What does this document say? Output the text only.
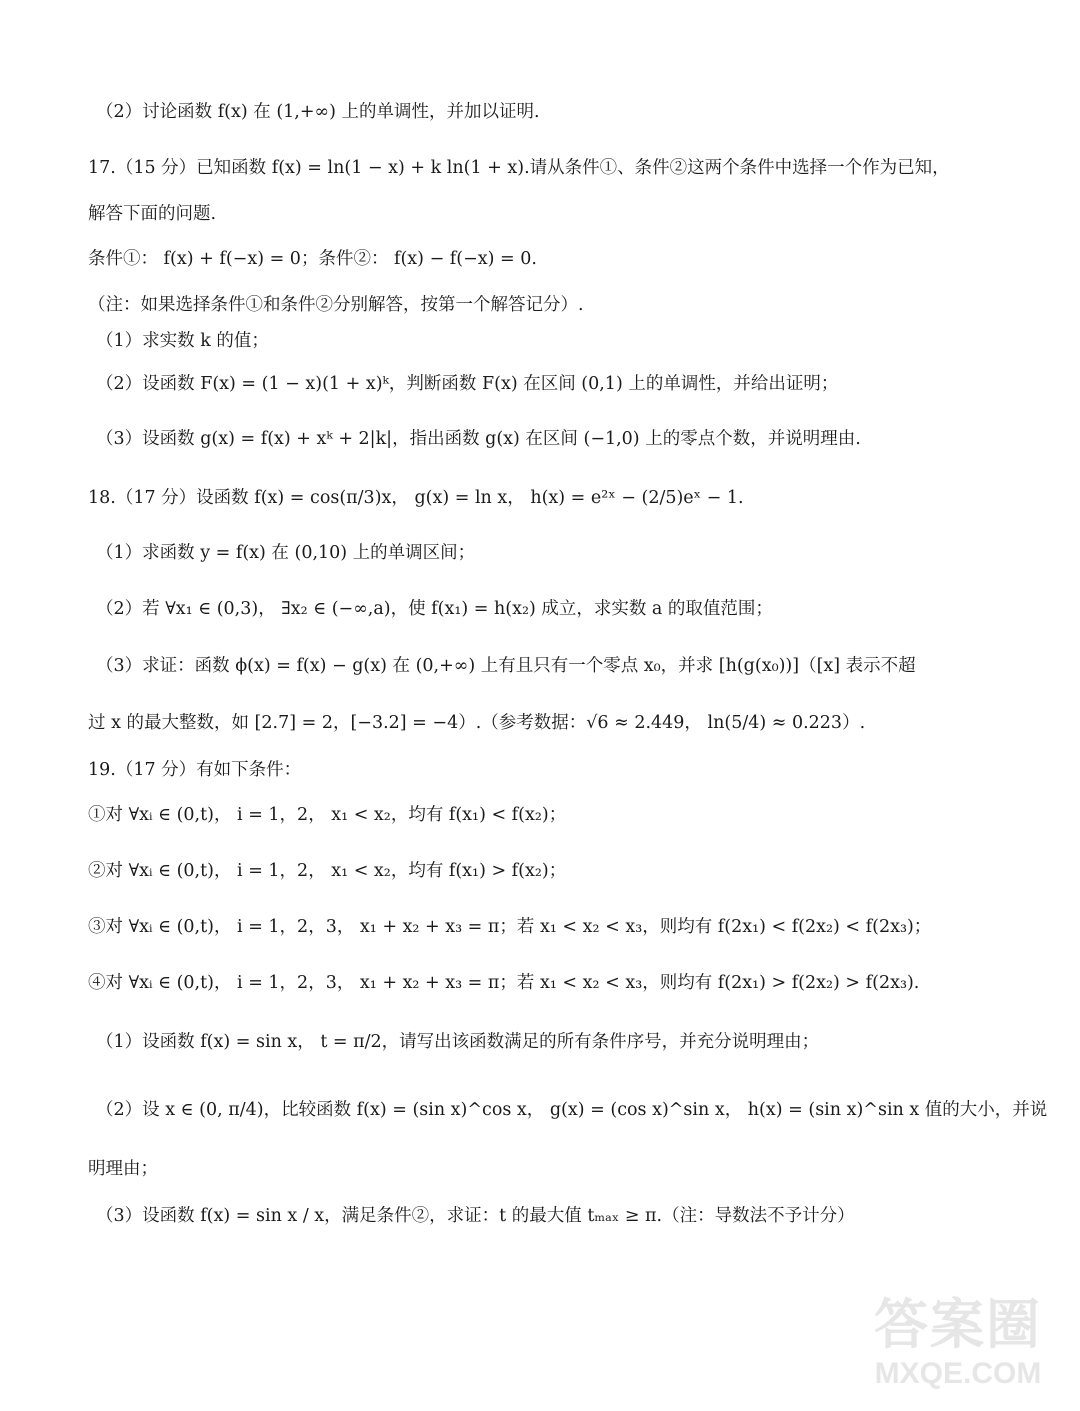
（2）讨论函数 f(x) 在 (1,+∞) 上的单调性，并加以证明.
17.（15 分）已知函数 f(x) = ln(1 − x) + k ln(1 + x).请从条件①、条件②这两个条件中选择一个作为已知，
解答下面的问题.
条件①： f(x) + f(−x) = 0；条件②： f(x) − f(−x) = 0.
（注：如果选择条件①和条件②分别解答，按第一个解答记分）.
（1）求实数 k 的值；
（2）设函数 F(x) = (1 − x)(1 + x)ᵏ，判断函数 F(x) 在区间 (0,1) 上的单调性，并给出证明；
（3）设函数 g(x) = f(x) + xᵏ + 2|k|，指出函数 g(x) 在区间 (−1,0) 上的零点个数，并说明理由.
18.（17 分）设函数 f(x) = cos(π/3)x， g(x) = ln x， h(x) = e²ˣ − (2/5)eˣ − 1.
（1）求函数 y = f(x) 在 (0,10) 上的单调区间；
（2）若 ∀x₁ ∈ (0,3)， ∃x₂ ∈ (−∞,a)，使 f(x₁) = h(x₂) 成立，求实数 a 的取值范围；
（3）求证：函数 ϕ(x) = f(x) − g(x) 在 (0,+∞) 上有且只有一个零点 x₀，并求 [h(g(x₀))]（[x] 表示不超
过 x 的最大整数，如 [2.7] = 2，[−3.2] = −4）.（参考数据：√6 ≈ 2.449， ln(5/4) ≈ 0.223）.
19.（17 分）有如下条件：
①对 ∀xᵢ ∈ (0,t)， i = 1，2， x₁ < x₂，均有 f(x₁) < f(x₂)；
②对 ∀xᵢ ∈ (0,t)， i = 1，2， x₁ < x₂，均有 f(x₁) > f(x₂)；
③对 ∀xᵢ ∈ (0,t)， i = 1，2，3， x₁ + x₂ + x₃ = π；若 x₁ < x₂ < x₃，则均有 f(2x₁) < f(2x₂) < f(2x₃)；
④对 ∀xᵢ ∈ (0,t)， i = 1，2，3， x₁ + x₂ + x₃ = π；若 x₁ < x₂ < x₃，则均有 f(2x₁) > f(2x₂) > f(2x₃).
（1）设函数 f(x) = sin x， t = π/2，请写出该函数满足的所有条件序号，并充分说明理由；
（2）设 x ∈ (0, π/4)，比较函数 f(x) = (sin x)^cos x， g(x) = (cos x)^sin x， h(x) = (sin x)^sin x 值的大小，并说
明理由；
（3）设函数 f(x) = sin x / x，满足条件②，求证：t 的最大值 tₘₐₓ ≥ π.（注：导数法不予计分）
答案圈
MXQE.COM
